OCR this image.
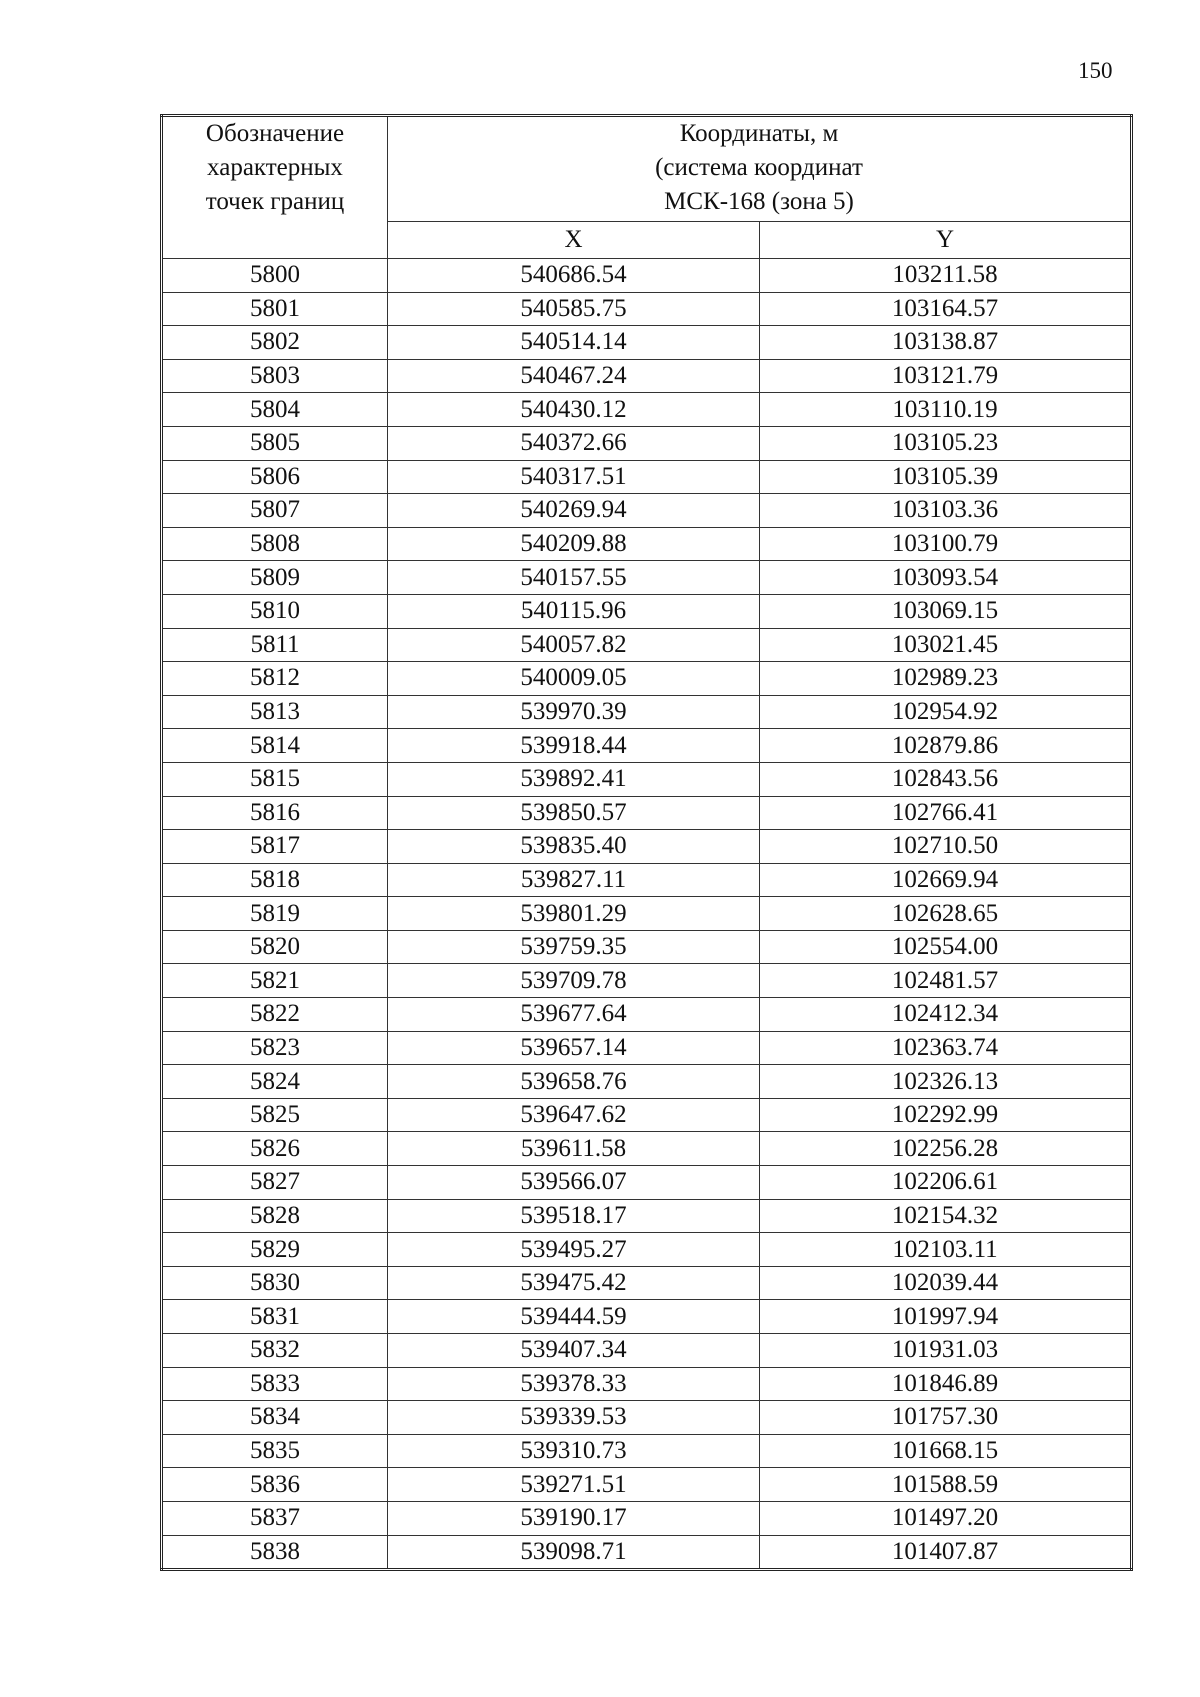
150
Обозначение
характерных
точек границ	Координаты, м
(система координат
МСК-168 (зона 5)	

	X	Y
5800	540686.54	103211.58
5801	540585.75	103164.57
5802	540514.14	103138.87
5803	540467.24	103121.79
5804	540430.12	103110.19
5805	540372.66	103105.23
5806	540317.51	103105.39
5807	540269.94	103103.36
5808	540209.88	103100.79
5809	540157.55	103093.54
5810	540115.96	103069.15
5811	540057.82	103021.45
5812	540009.05	102989.23
5813	539970.39	102954.92
5814	539918.44	102879.86
5815	539892.41	102843.56
5816	539850.57	102766.41
5817	539835.40	102710.50
5818	539827.11	102669.94
5819	539801.29	102628.65
5820	539759.35	102554.00
5821	539709.78	102481.57
5822	539677.64	102412.34
5823	539657.14	102363.74
5824	539658.76	102326.13
5825	539647.62	102292.99
5826	539611.58	102256.28
5827	539566.07	102206.61
5828	539518.17	102154.32
5829	539495.27	102103.11
5830	539475.42	102039.44
5831	539444.59	101997.94
5832	539407.34	101931.03
5833	539378.33	101846.89
5834	539339.53	101757.30
5835	539310.73	101668.15
5836	539271.51	101588.59
5837	539190.17	101497.20
5838	539098.71	101407.87
